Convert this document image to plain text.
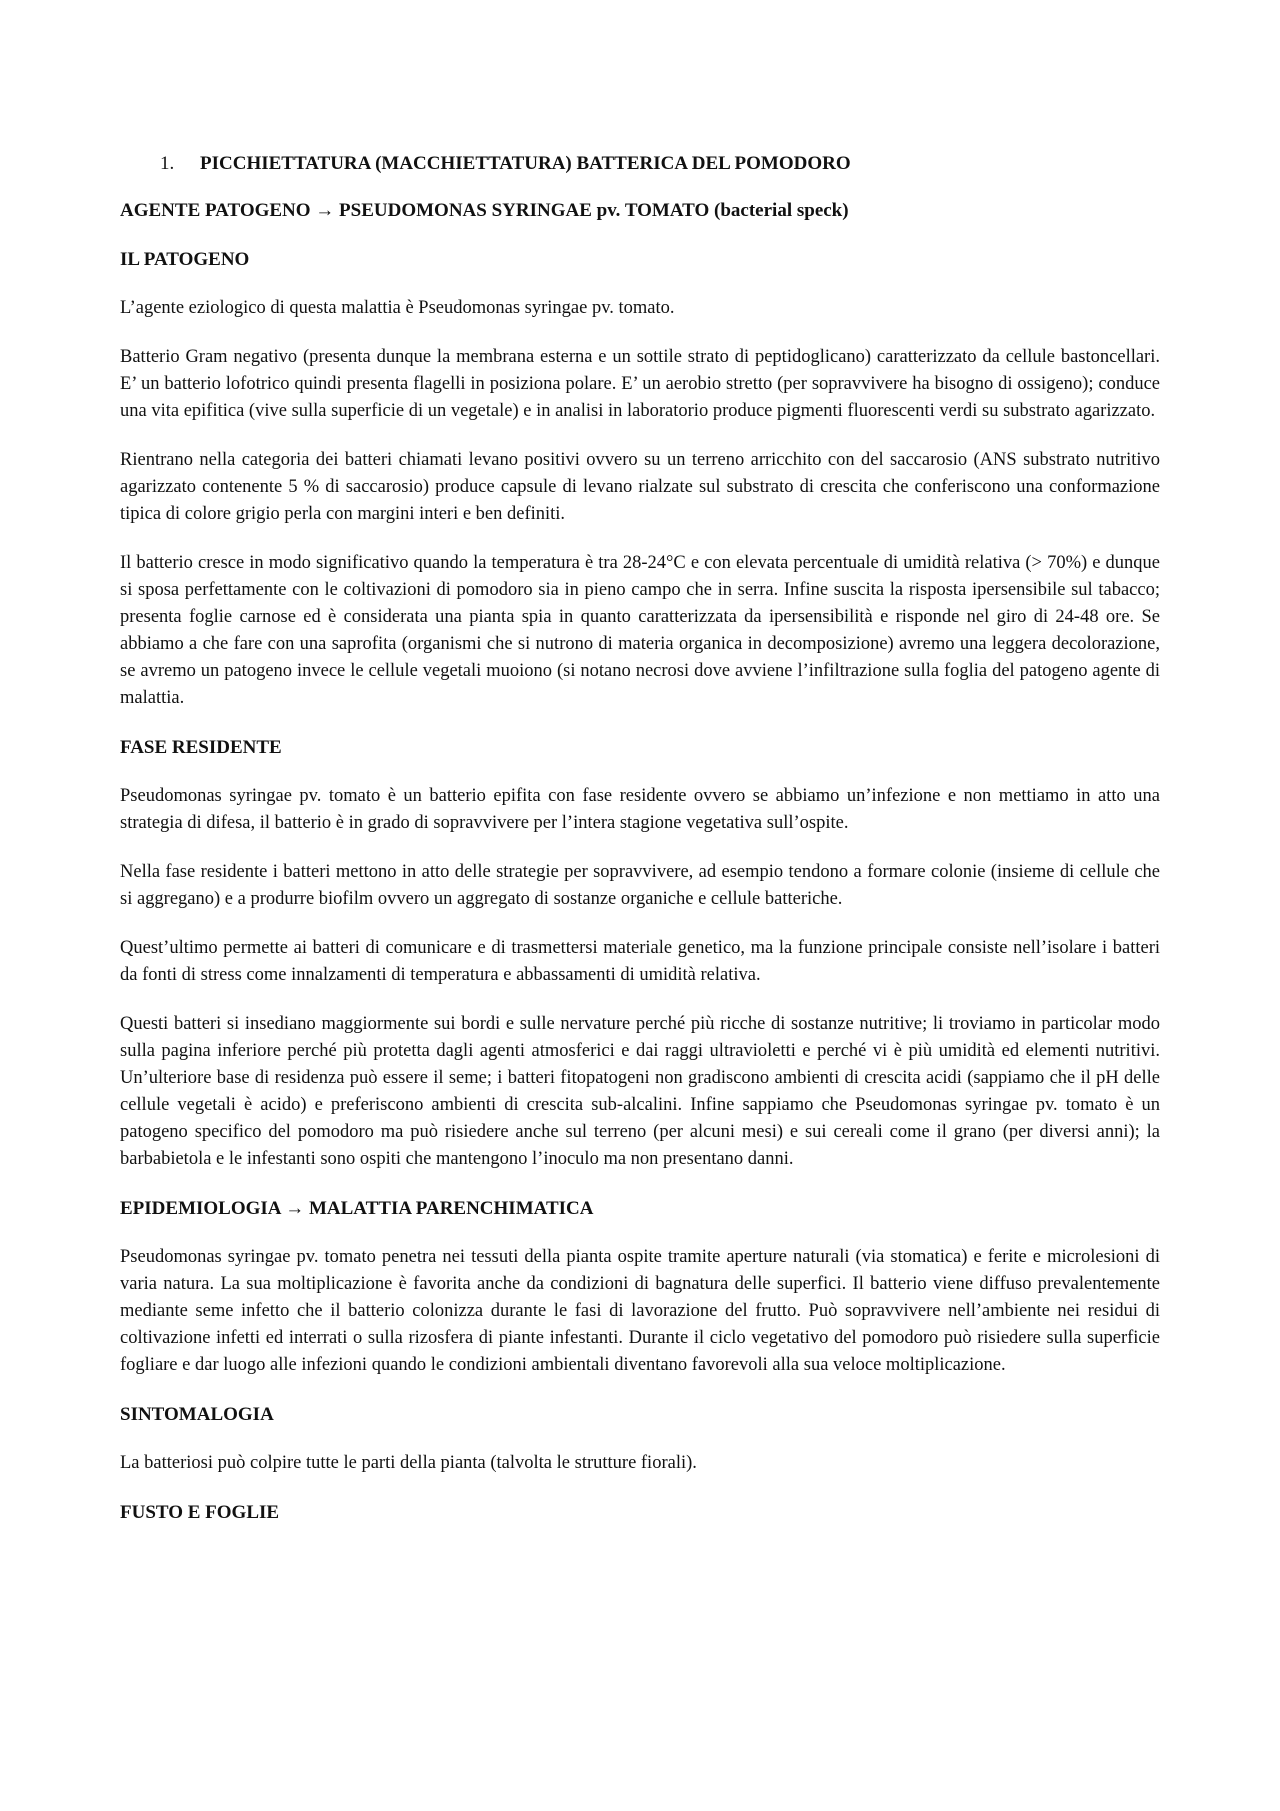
1.	PICCHIETTATURA (MACCHIETTATURA) BATTERICA DEL POMODORO
AGENTE PATOGENO → PSEUDOMONAS SYRINGAE pv. TOMATO (bacterial speck)
IL PATOGENO

L’agente eziologico di questa malattia è Pseudomonas syringae pv. tomato.

Batterio Gram negativo (presenta dunque la membrana esterna e un sottile strato di peptidoglicano) caratterizzato da cellule bastoncellari. E’ un batterio lofotrico quindi presenta flagelli in posiziona polare. E’ un aerobio stretto (per sopravvivere ha bisogno di ossigeno); conduce una vita epifitica (vive sulla superficie di un vegetale) e in analisi in laboratorio produce pigmenti fluorescenti verdi su substrato agarizzato.

Rientrano nella categoria dei batteri chiamati levano positivi ovvero su un terreno arricchito con del saccarosio (ANS substrato nutritivo agarizzato contenente 5 % di saccarosio) produce capsule di levano rialzate sul substrato di crescita che conferiscono una conformazione tipica di colore grigio perla con margini interi e ben definiti.

Il batterio cresce in modo significativo quando la temperatura è tra 28-24°C e con elevata percentuale di umidità relativa (> 70%) e dunque si sposa perfettamente con le coltivazioni di pomodoro sia in pieno campo che in serra. Infine suscita la risposta ipersensibile sul tabacco; presenta foglie carnose ed è considerata una pianta spia in quanto caratterizzata da ipersensibilità e risponde nel giro di 24-48 ore. Se abbiamo a che fare con una saprofita (organismi che si nutrono di materia organica in decomposizione) avremo una leggera decolorazione, se avremo un patogeno invece le cellule vegetali muoiono (si notano necrosi dove avviene l’infiltrazione sulla foglia del patogeno agente di malattia.

FASE RESIDENTE

Pseudomonas syringae pv. tomato è un batterio epifita con fase residente ovvero se abbiamo un’infezione e non mettiamo in atto una strategia di difesa, il batterio è in grado di sopravvivere per l’intera stagione vegetativa sull’ospite.

Nella fase residente i batteri mettono in atto delle strategie per sopravvivere, ad esempio tendono a formare colonie (insieme di cellule che si aggregano) e a produrre biofilm ovvero un aggregato di sostanze organiche e cellule batteriche.

Quest’ultimo permette ai batteri di comunicare e di trasmettersi materiale genetico, ma la funzione principale consiste nell’isolare i batteri da fonti di stress come innalzamenti di temperatura e abbassamenti di umidità relativa.

Questi batteri si insediano maggiormente sui bordi e sulle nervature perché più ricche di sostanze nutritive; li troviamo in particolar modo sulla pagina inferiore perché più protetta dagli agenti atmosferici e dai raggi ultravioletti e perché vi è più umidità ed elementi nutritivi. Un’ulteriore base di residenza può essere il seme; i batteri fitopatogeni non gradiscono ambienti di crescita acidi (sappiamo che il pH delle cellule vegetali è acido) e preferiscono ambienti di crescita sub-alcalini. Infine sappiamo che Pseudomonas syringae pv. tomato è un patogeno specifico del pomodoro ma può risiedere anche sul terreno (per alcuni mesi) e sui cereali come il grano (per diversi anni); la barbabietola e le infestanti sono ospiti che mantengono l’inoculo ma non presentano danni.

EPIDEMIOLOGIA → MALATTIA PARENCHIMATICA

Pseudomonas syringae pv. tomato penetra nei tessuti della pianta ospite tramite aperture naturali (via stomatica) e ferite e microlesioni di varia natura. La sua moltiplicazione è favorita anche da condizioni di bagnatura delle superfici. Il batterio viene diffuso prevalentemente mediante seme infetto che il batterio colonizza durante le fasi di lavorazione del frutto. Può sopravvivere nell’ambiente nei residui di coltivazione infetti ed interrati o sulla rizosfera di piante infestanti. Durante il ciclo vegetativo del pomodoro può risiedere sulla superficie fogliare e dar luogo alle infezioni quando le condizioni ambientali diventano favorevoli alla sua veloce moltiplicazione.

SINTOMALOGIA

La batteriosi può colpire tutte le parti della pianta (talvolta le strutture fiorali).

FUSTO E FOGLIE
